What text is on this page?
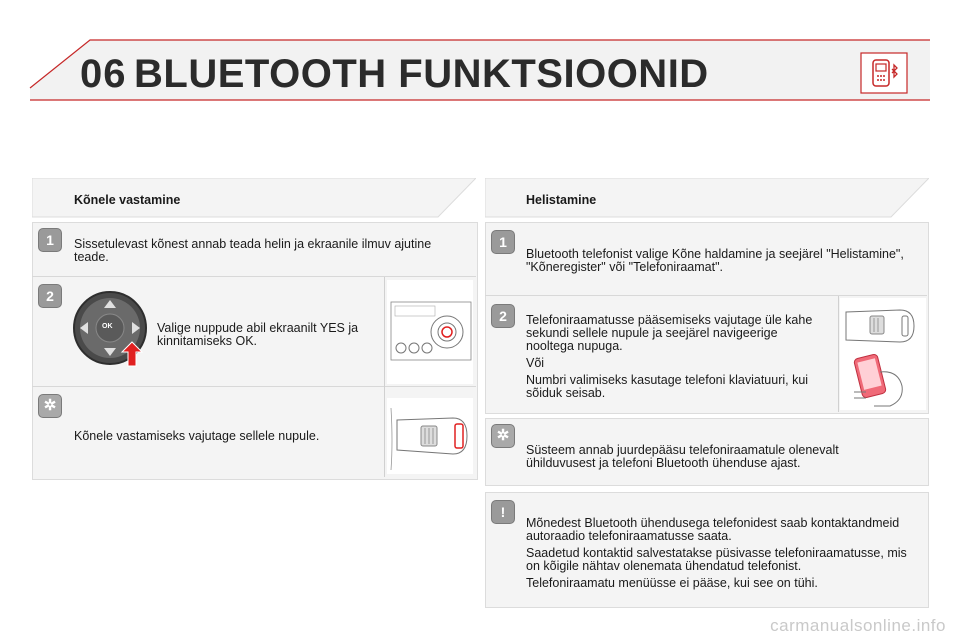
06 BLUETOOTH FUNKTSIOONID
Kõnele vastamine
1	Sissetulevast kõnest annab teada helin ja ekraanile ilmuv ajutine teade.
2
OK	Valige nuppude abil ekraanilt YES ja kinnitamiseks OK.
✲
Kõnele vastamiseks vajutage sellele nupule.
Helistamine
1
Bluetooth telefonist valige Kõne haldamine ja seejärel "Helistamine", "Kõneregister" või "Telefoniraamat".
2	Telefoniraamatusse pääsemiseks vajutage üle kahe sekundi sellele nupule ja seejärel navigeerige nooltega nupuga.

Või

Numbri valimiseks kasutage telefoni klaviatuuri, kui sõiduk seisab.

✲
Süsteem annab juurdepääsu telefoniraamatule olenevalt ühilduvusest ja telefoni Bluetooth ühenduse ajast.
!

Mõnedest Bluetooth ühendusega telefonidest saab kontaktandmeid autoraadio telefoniraamatusse saata.

Saadetud kontaktid salvestatakse püsivasse telefoniraamatusse, mis on kõigile nähtav olenemata ühendatud telefonist.

Telefoniraamatu menüüsse ei pääse, kui see on tühi.

carmanualsonline.info
